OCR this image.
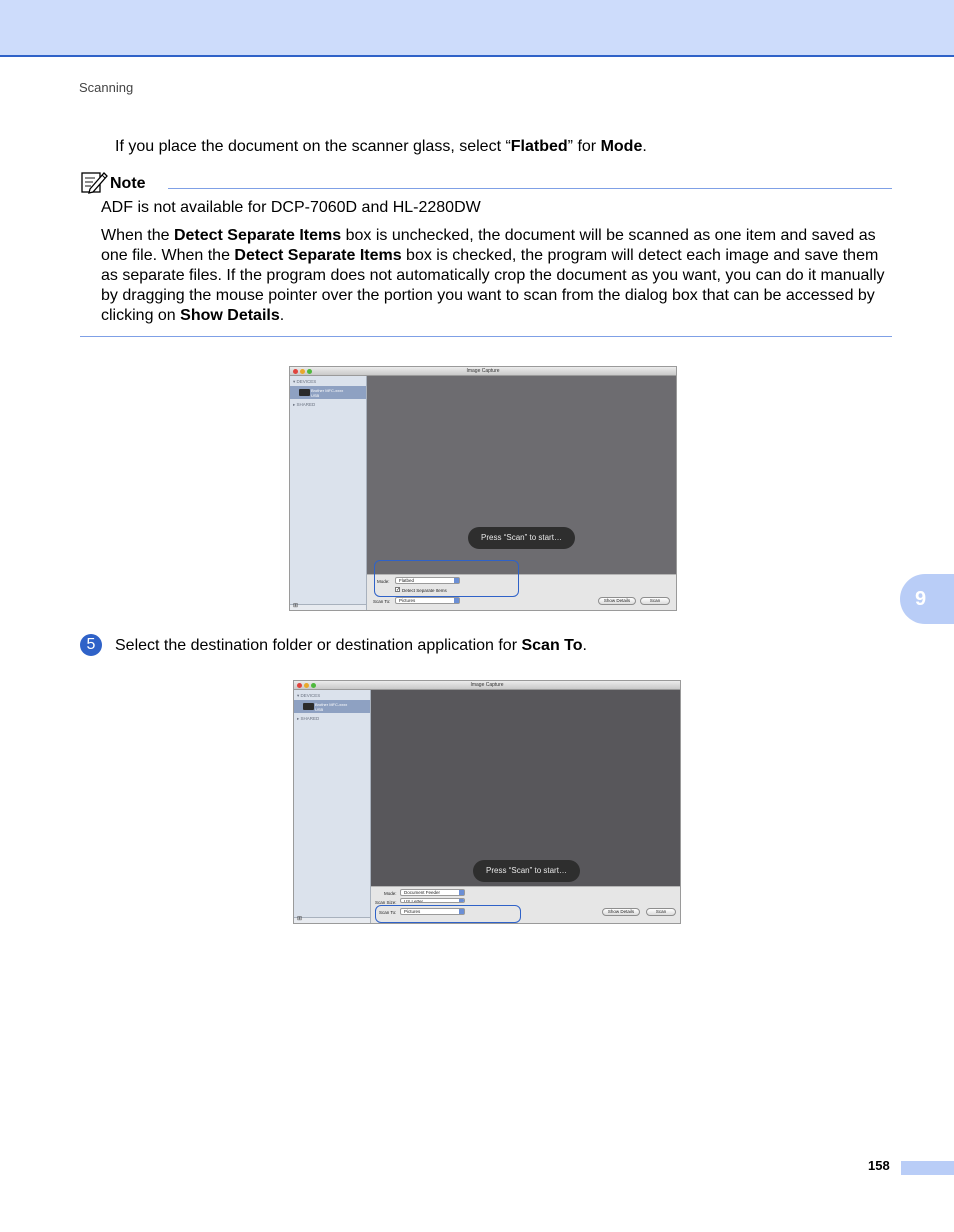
Scanning

If you place the document on the scanner glass, select “Flatbed” for Mode.

Note

ADF is not available for DCP-7060D and HL-2280DW

When the Detect Separate Items box is unchecked, the document will be scanned as one item and saved as one file. When the Detect Separate Items box is checked, the program will detect each image and save them as separate files. If the program does not automatically crop the document as you want, you can do it manually by dragging the mouse pointer over the portion you want to scan from the dialog box that can be accessed by clicking on Show Details.

Image Capture
▾ DEVICES
Brother MFC-xxxx
USB
▸ SHARED
⊞
Press “Scan” to start…
Mode:	Flatbed
✓ Detect Separate Items
Scan To:	Pictures	Show Details	Scan	9
5	Select the destination folder or destination application for Scan To.

Image Capture
▾ DEVICES
Brother MFC-xxxx
USB
▸ SHARED
⊞
Press “Scan” to start…
Mode:	Document Feeder
Scan Size:	US Letter
Scan To:	Pictures	Show Details	Scan
158
